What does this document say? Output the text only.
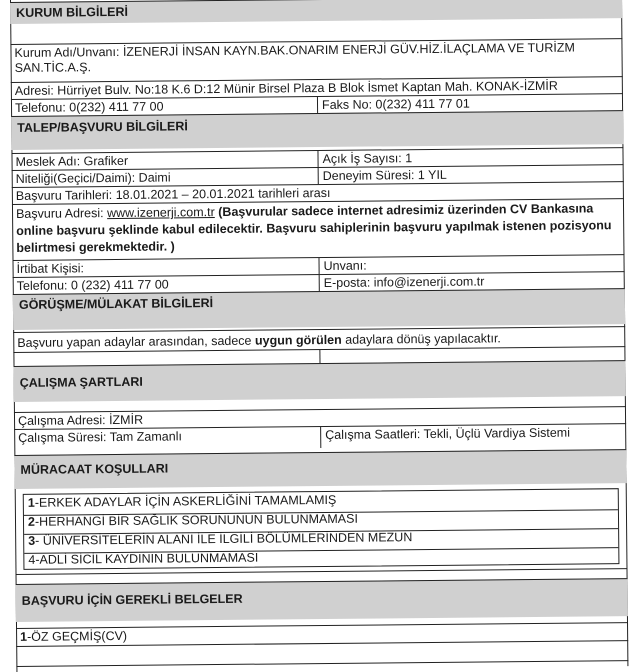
KURUM BİLGİLERİ
Kurum Adı/Unvanı: İZENERJİ İNSAN KAYN.BAK.ONARIM ENERJİ GÜV.HİZ.İLAÇLAMA VE TURİZM SAN.TİC.A.Ş.
Adresi: Hürriyet Bulv. No:18 K.6 D:12 Münir Birsel Plaza B Blok İsmet Kaptan Mah. KONAK-İZMİR
Telefonu: 0(232) 411 77 00	Faks No: 0(232) 411 77 01
TALEP/BAŞVURU BİLGİLERİ
Meslek Adı: Grafiker	Açık İş Sayısı: 1
Niteliği(Geçici/Daimi): Daimi	Deneyim Süresi: 1 YIL
Başvuru Tarihleri: 18.01.2021 – 20.01.2021 tarihleri arası
Başvuru Adresi: www.izenerji.com.tr (Başvurular sadece internet adresimiz üzerinden CV Bankasına online başvuru şeklinde kabul edilecektir. Başvuru sahiplerinin başvuru yapılmak istenen pozisyonu belirtmesi gerekmektedir. )
İrtibat Kişisi:	Unvanı:
Telefonu: 0 (232) 411 77 00	E-posta: info@izenerji.com.tr
GÖRÜŞME/MÜLAKAT BİLGİLERİ
Başvuru yapan adaylar arasından, sadece uygun görülen adaylara dönüş yapılacaktır.
ÇALIŞMA ŞARTLARI
Çalışma Adresi: İZMİR
Çalışma Süresi: Tam Zamanlı	Çalışma Saatleri: Tekli, Üçlü Vardiya Sistemi
MÜRACAAT KOŞULLARI
1-ERKEK ADAYLAR İÇİN ASKERLİĞİNİ TAMAMLAMIŞ
2-HERHANGİ BİR SAĞLIK SORUNUNUN BULUNMAMASI
3- ÜNİVERSİTELERİN ALANI İLE İLGİLİ BÖLÜMLERİNDEN MEZUN
4-ADLİ SİCİL KAYDININ BULUNMAMASI
BAŞVURU İÇİN GEREKLİ BELGELER
1-ÖZ GEÇMİŞ(CV)
